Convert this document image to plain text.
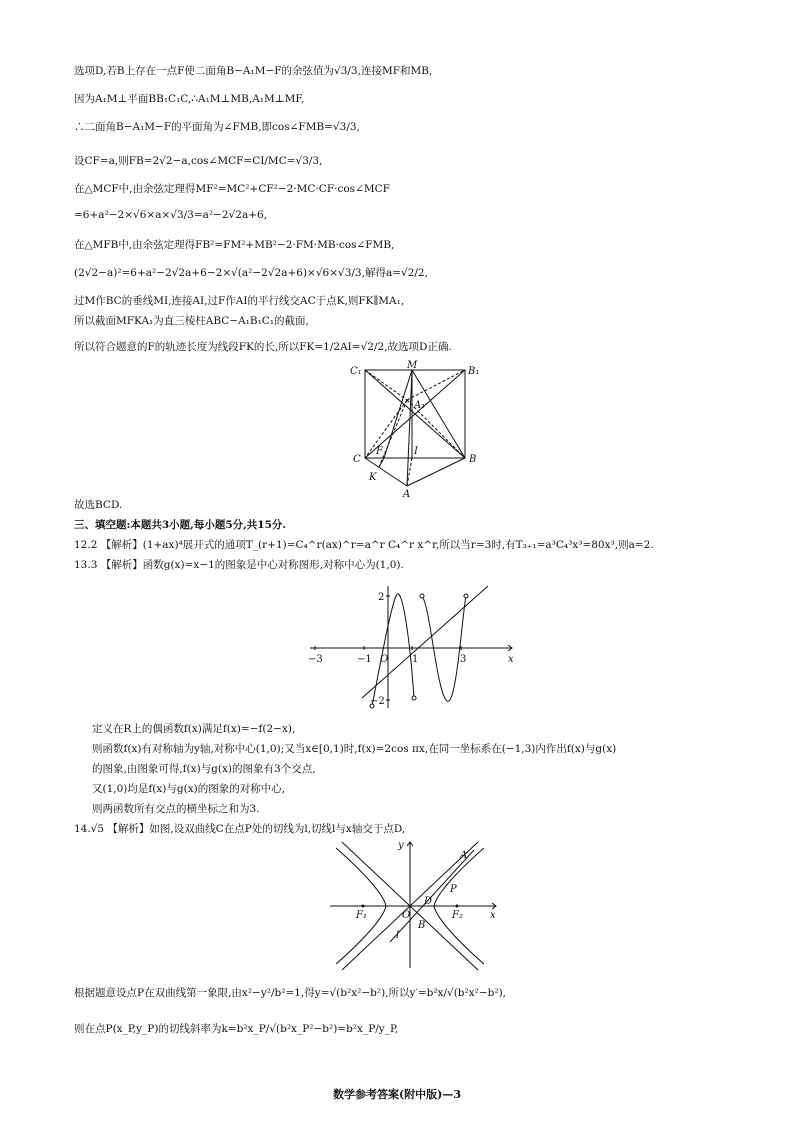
选项D,若B上存在一点F使二面角B−A₁M−F的余弦值为√3/3,连接MF和MB,
因为A₁M⊥平面BB₁C₁C,∴A₁M⊥MB,A₁M⊥MF,
∴二面角B−A₁M−F的平面角为∠FMB,即cos∠FMB=√3/3,
设CF=a,则FB=2√2−a,cos∠MCF=CI/MC=√3/3,
在△MCF中,由余弦定理得MF²=MC²+CF²−2·MC·CF·cos∠MCF
=6+a²−2×√6×a×√3/3=a²−2√2a+6,
在△MFB中,由余弦定理得FB²=FM²+MB²−2·FM·MB·cos∠FMB,
(2√2−a)²=6+a²−2√2a+6−2×√(a²−2√2a+6)×√6×√3/3,解得a=√2/2,
过M作BC的垂线MI,连接AI,过F作AI的平行线交AC于点K,则FK∥MA₁,
所以截面MFKA₁为直三棱柱ABC−A₁B₁C₁的截面,
所以符合题意的F的轨迹长度为线段FK的长,所以FK=1/2AI=√2/2,故选项D正确.
C₁
M
B₁
A₁
C
F	I
B
K
A
故选BCD.
三、填空题:本题共3小题,每小题5分,共15分.
12.2 【解析】(1+ax)⁴展开式的通项T_(r+1)=C₄^r(ax)^r=a^r C₄^r x^r,所以当r=3时,有T₃₊₁=a³C₄³x³=80x³,则a=2.
13.3 【解析】函数g(x)=x−1的图象是中心对称图形,对称中心为(1,0).
2
−2
−3	−1 O 1	3	x
定义在R上的偶函数f(x)满足f(x)=−f(2−x),
则函数f(x)有对称轴为y轴,对称中心(1,0);又当x∈[0,1)时,f(x)=2cos πx,在同一坐标系在(−1,3)内作出f(x)与g(x)
的图象,由图象可得,f(x)与g(x)的图象有3个交点,
又(1,0)均是f(x)与g(x)的图象的对称中心,
则两函数所有交点的横坐标之和为3.
14.√5 【解析】如图,设双曲线C在点P处的切线为l,切线l与x轴交于点D,
y
A
P
F₁	O
D
F₂	x
l
B
根据题意设点P在双曲线第一象限,由x²−y²/b²=1,得y=√(b²x²−b²),所以y′=b²x/√(b²x²−b²),
则在点P(x_P,y_P)的切线斜率为k=b²x_P/√(b²x_P²−b²)=b²x_P/y_P,
数学参考答案(附中版)—3
